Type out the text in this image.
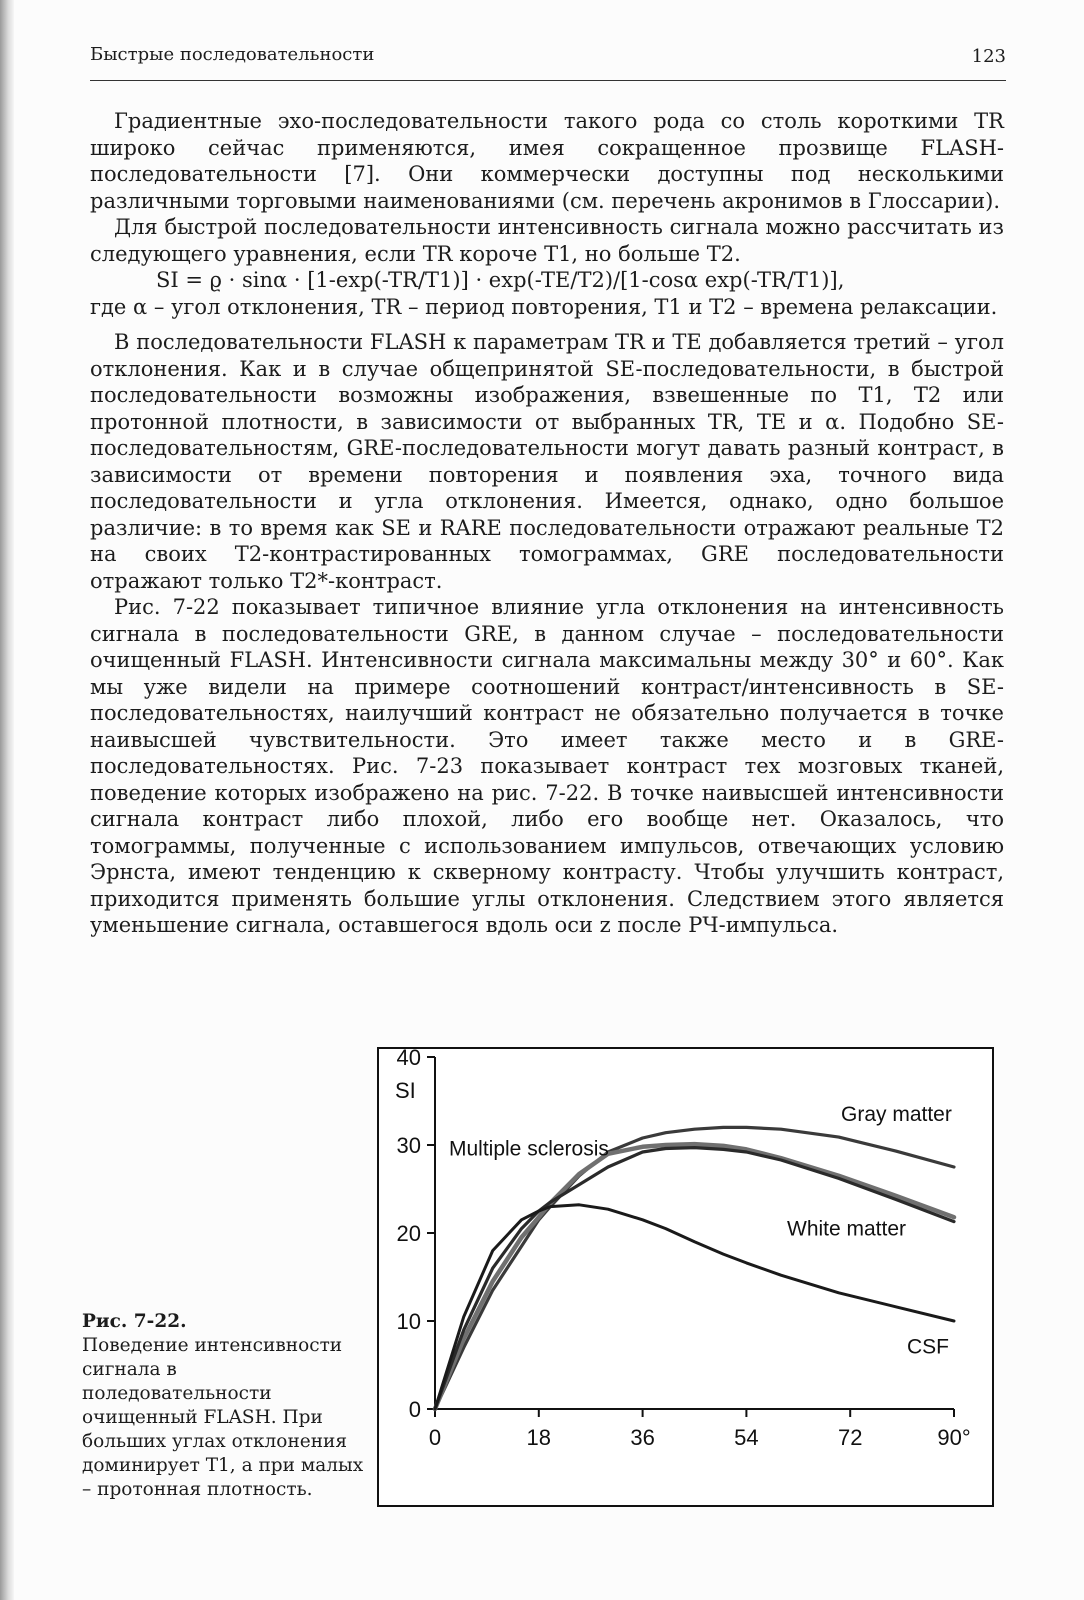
Быстрые последовательности	123

Градиентные эхо-последовательности такого рода со столь короткими TR широко сейчас применяются, имея сокращенное прозвище FLASH-последовательности [7]. Они коммерчески доступны под несколькими различными торговыми наименованиями (см. перечень акронимов в Глоссарии).

Для быстрой последовательности интенсивность сигнала можно рассчитать из следующего уравнения, если TR короче T1, но больше T2.

SI = ϱ · sinα · [1-exp(-TR/T1)] · exp(-TE/T2)/[1-cosα exp(-TR/T1)],

где α – угол отклонения, TR – период повторения, T1 и T2 – времена релаксации.

В последовательности FLASH к параметрам TR и TE добавляется третий – угол отклонения. Как и в случае общепринятой SE-последовательности, в быстрой последовательности возможны изображения, взвешенные по T1, T2 или протонной плотности, в зависимости от выбранных TR, TE и α. Подобно SE-последовательностям, GRE-последовательности могут давать разный контраст, в зависимости от времени повторения и появления эха, точного вида последовательности и угла отклонения. Имеется, однако, одно большое различие: в то время как SE и RARE последовательности отражают реальные T2 на своих T2-контрастированных томограммах, GRE последовательности отражают только T2*-контраст.

Рис. 7-22 показывает типичное влияние угла отклонения на интенсивность сигнала в последовательности GRE, в данном случае – последовательности очищенный FLASH. Интенсивности сигнала максимальны между 30° и 60°. Как мы уже видели на примере соотношений контраст/интенсивность в SE-последовательностях, наилучший контраст не обязательно получается в точке наивысшей чувствительности. Это имеет также место и в GRE-последовательностях. Рис. 7-23 показывает контраст тех мозговых тканей, поведение которых изображено на рис. 7-22. В точке наивысшей интенсивности сигнала контраст либо плохой, либо его вообще нет. Оказалось, что томограммы, полученные с использованием импульсов, отвечающих условию Эрнста, имеют тенденцию к скверному контрасту. Чтобы улучшить контраст, приходится применять большие углы отклонения. Следствием этого является уменьшение сигнала, оставшегося вдоль оси z после РЧ-импульса.

Рис. 7-22.
Поведение интенсивности сигнала в поледовательности очищенный FLASH. При больших углах отклонения доминирует T1, а при малых – протонная плотность.
0
10
20
30
40
0	18	36	54	72	90°
SI
Gray matter
White matter
Multiple sclerosis
CSF
